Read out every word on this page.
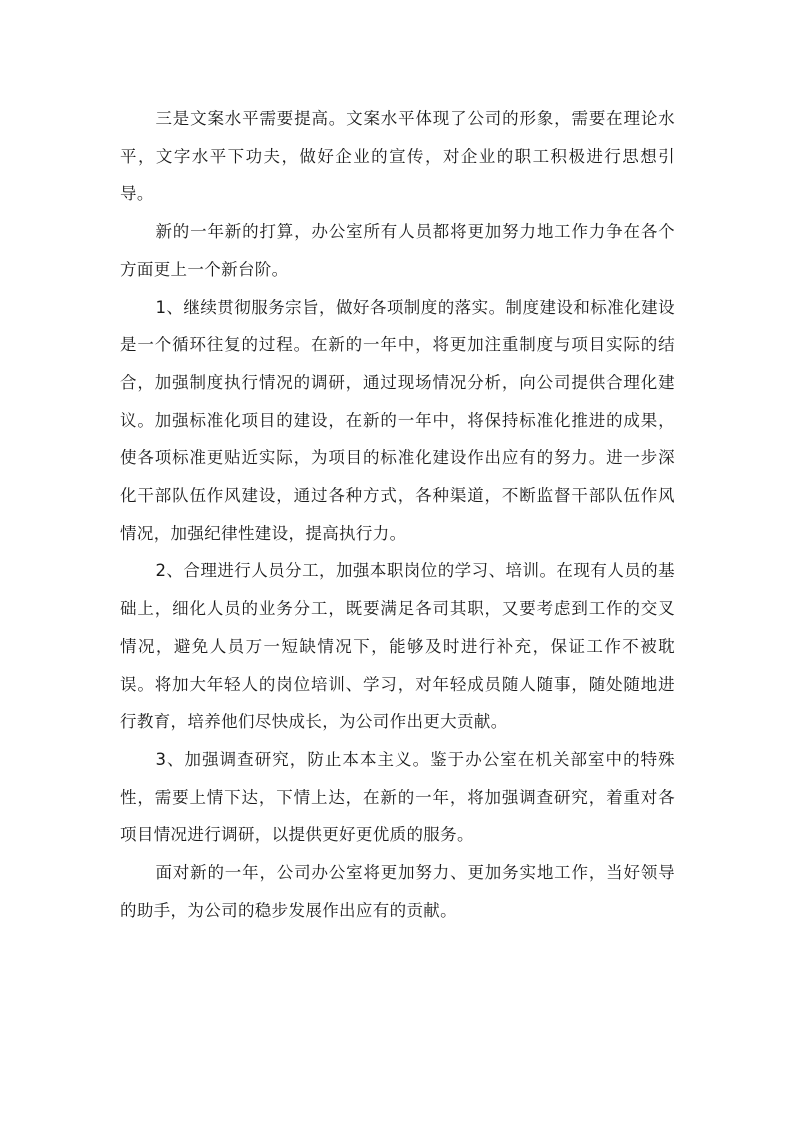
三是文案水平需要提高。文案水平体现了公司的形象，需要在理论水平，文字水平下功夫，做好企业的宣传，对企业的职工积极进行思想引导。

新的一年新的打算，办公室所有人员都将更加努力地工作力争在各个方面更上一个新台阶。

1、继续贯彻服务宗旨，做好各项制度的落实。制度建设和标准化建设是一个循环往复的过程。在新的一年中，将更加注重制度与项目实际的结合，加强制度执行情况的调研，通过现场情况分析，向公司提供合理化建议。加强标准化项目的建设，在新的一年中，将保持标准化推进的成果，使各项标准更贴近实际，为项目的标准化建设作出应有的努力。进一步深化干部队伍作风建设，通过各种方式，各种渠道，不断监督干部队伍作风情况，加强纪律性建设，提高执行力。

2、合理进行人员分工，加强本职岗位的学习、培训。在现有人员的基础上，细化人员的业务分工，既要满足各司其职，又要考虑到工作的交叉情况，避免人员万一短缺情况下，能够及时进行补充，保证工作不被耽误。将加大年轻人的岗位培训、学习，对年轻成员随人随事，随处随地进行教育，培养他们尽快成长，为公司作出更大贡献。

3、加强调查研究，防止本本主义。鉴于办公室在机关部室中的特殊性，需要上情下达，下情上达，在新的一年，将加强调查研究，着重对各项目情况进行调研，以提供更好更优质的服务。

面对新的一年，公司办公室将更加努力、更加务实地工作，当好领导的助手，为公司的稳步发展作出应有的贡献。
